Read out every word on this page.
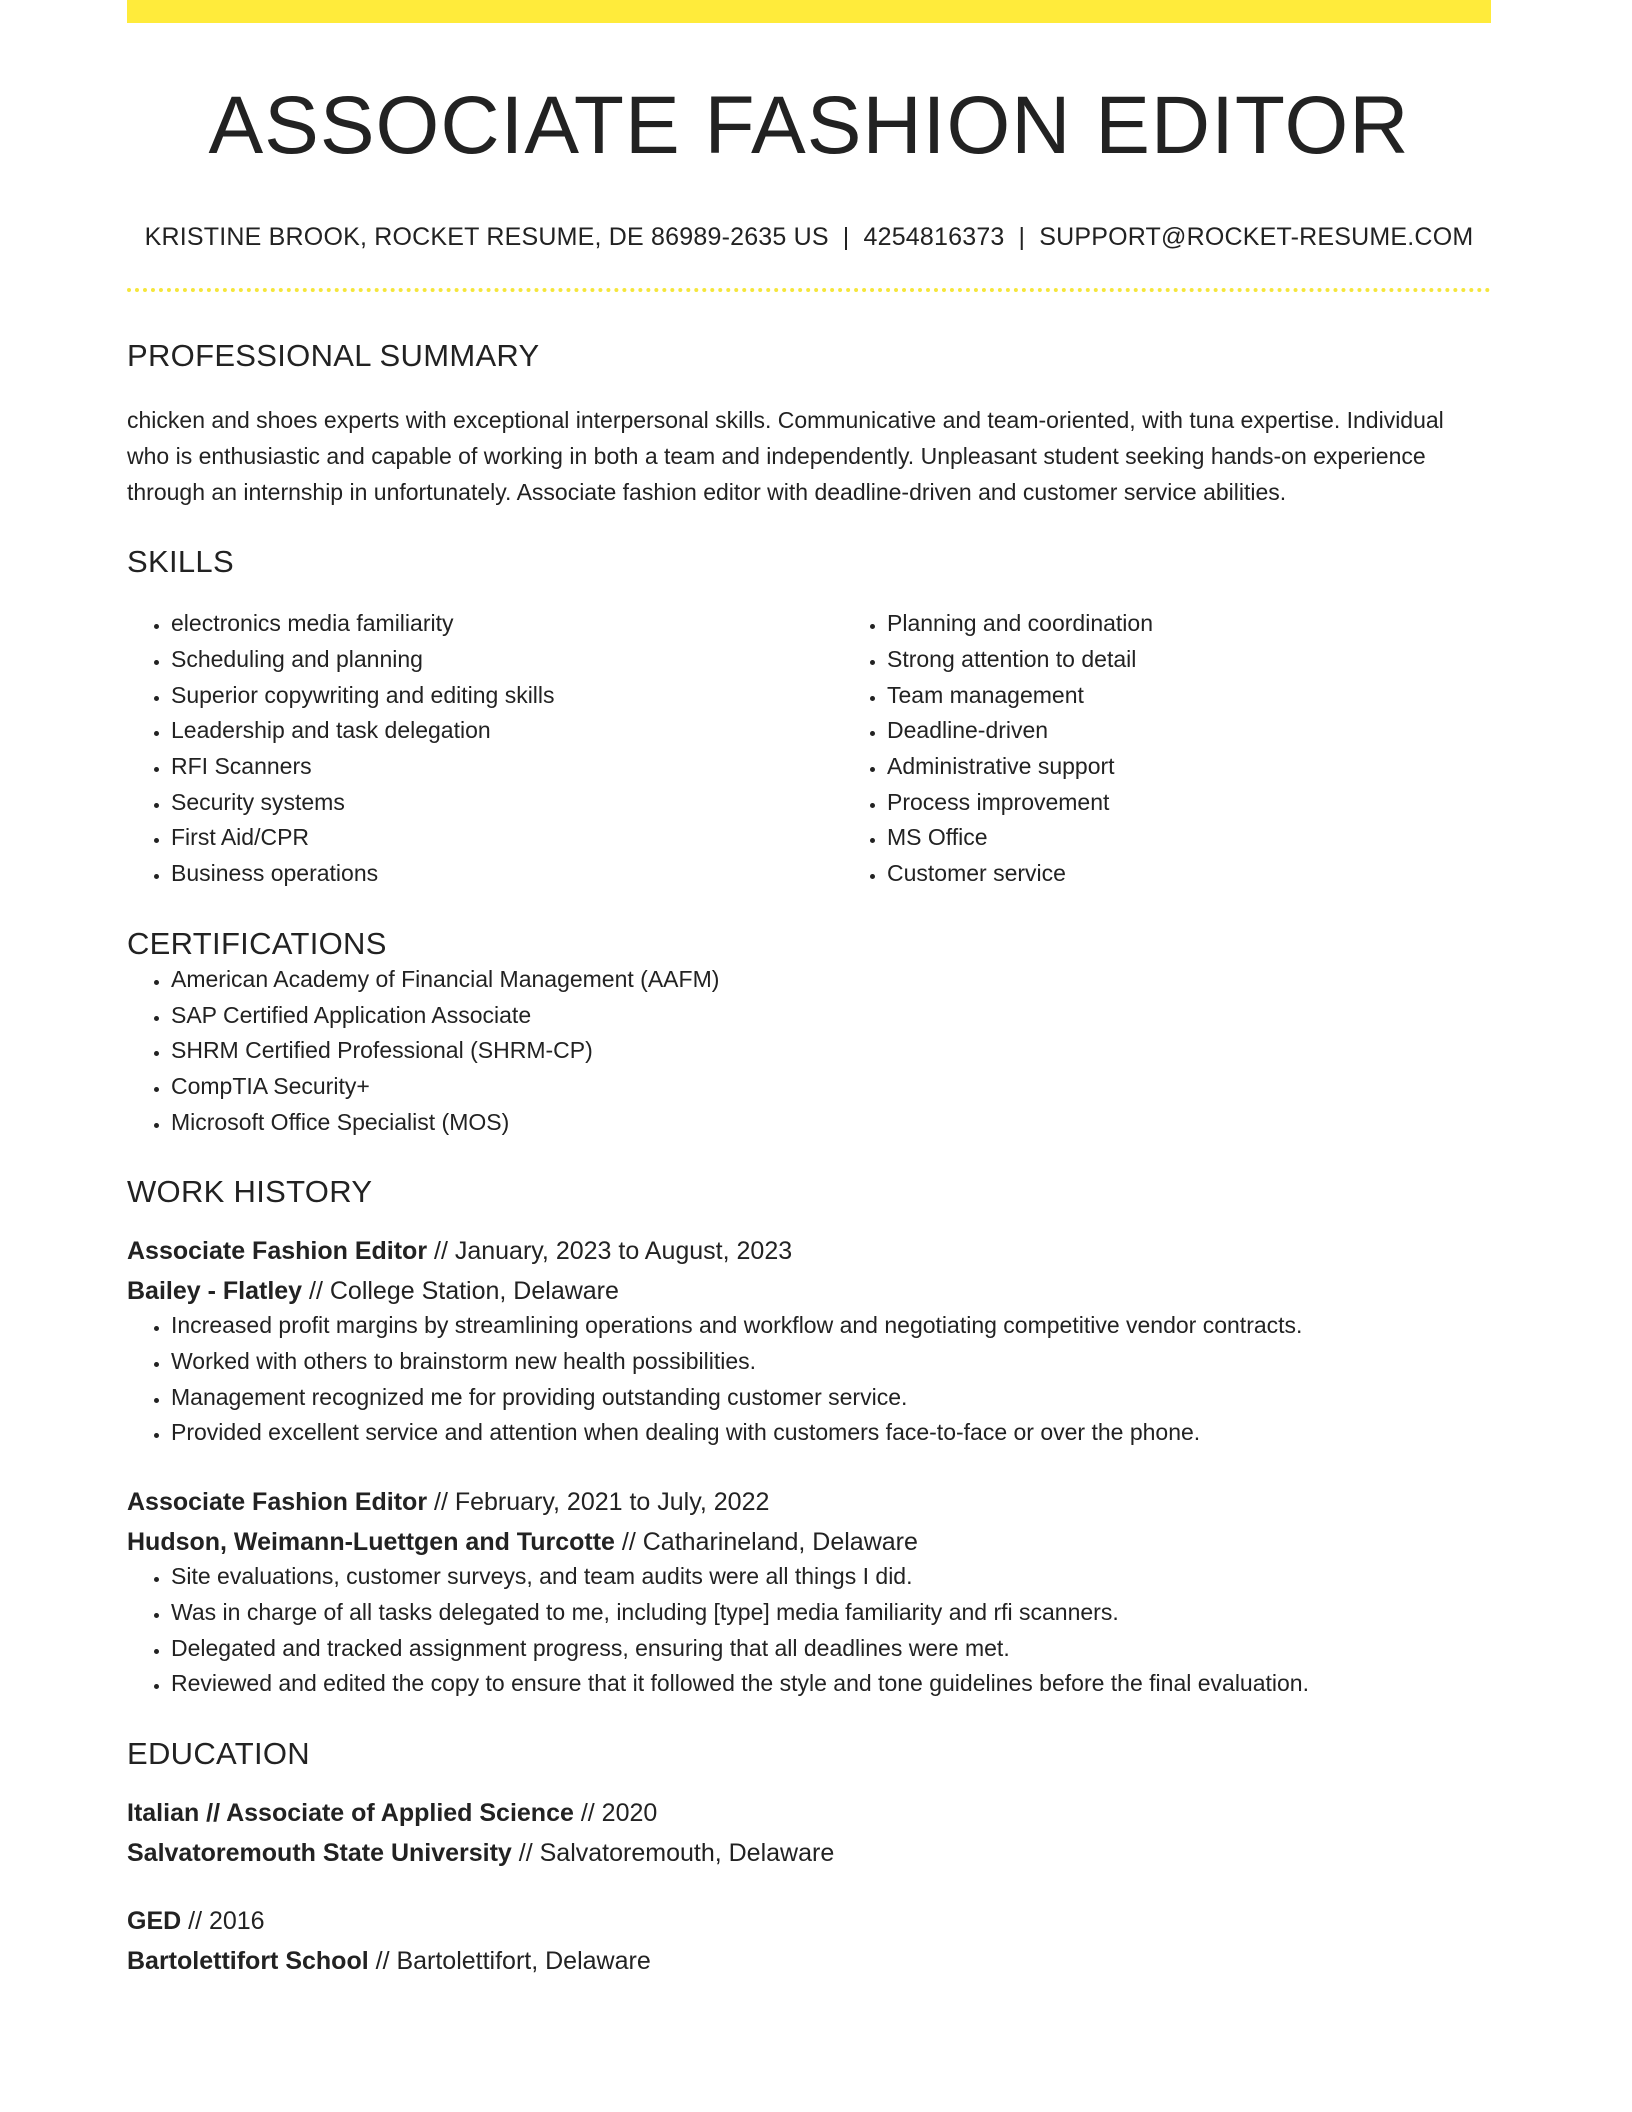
ASSOCIATE FASHION EDITOR
KRISTINE BROOK, ROCKET RESUME, DE 86989-2635 US | 4254816373 | SUPPORT@ROCKET-RESUME.COM
PROFESSIONAL SUMMARY

chicken and shoes experts with exceptional interpersonal skills. Communicative and team-oriented, with tuna expertise. Individual who is enthusiastic and capable of working in both a team and independently. Unpleasant student seeking hands-on experience through an internship in unfortunately. Associate fashion editor with deadline-driven and customer service abilities.

SKILLS
• electronics media familiarity
• Scheduling and planning
• Superior copywriting and editing skills
• Leadership and task delegation
• RFI Scanners
• Security systems
• First Aid/CPR
• Business operations
• Planning and coordination
• Strong attention to detail
• Team management
• Deadline-driven
• Administrative support
• Process improvement
• MS Office
• Customer service
CERTIFICATIONS
• American Academy of Financial Management (AAFM)
• SAP Certified Application Associate
• SHRM Certified Professional (SHRM-CP)
• CompTIA Security+
• Microsoft Office Specialist (MOS)
WORK HISTORY
Associate Fashion Editor // January, 2023 to August, 2023
Bailey - Flatley // College Station, Delaware
• Increased profit margins by streamlining operations and workflow and negotiating competitive vendor contracts.
• Worked with others to brainstorm new health possibilities.
• Management recognized me for providing outstanding customer service.
• Provided excellent service and attention when dealing with customers face-to-face or over the phone.
Associate Fashion Editor // February, 2021 to July, 2022
Hudson, Weimann-Luettgen and Turcotte // Catharineland, Delaware
• Site evaluations, customer surveys, and team audits were all things I did.
• Was in charge of all tasks delegated to me, including [type] media familiarity and rfi scanners.
• Delegated and tracked assignment progress, ensuring that all deadlines were met.
• Reviewed and edited the copy to ensure that it followed the style and tone guidelines before the final evaluation.
EDUCATION
Italian // Associate of Applied Science // 2020
Salvatoremouth State University // Salvatoremouth, Delaware
GED // 2016
Bartolettifort School // Bartolettifort, Delaware
